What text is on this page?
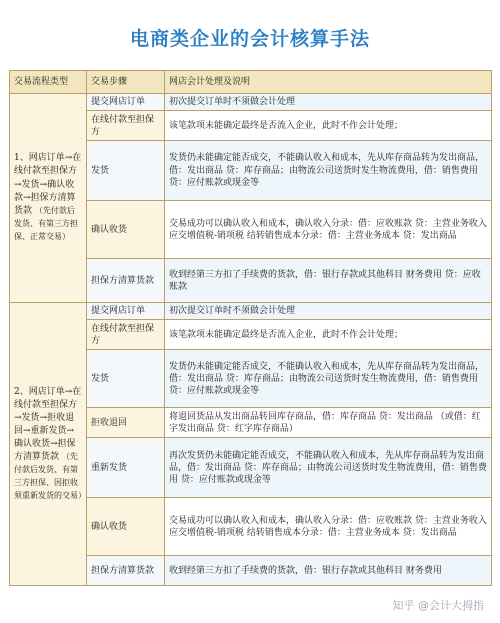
电商类企业的会计核算手法
交易流程类型	交易步骤	网店会计处理及说明
1、网店订单→在线付款至担保方→发货→确认收款→担保方清算货款 （先付款后发货、有第三方担保、正常交易）	提交网店订单	初次提交订单时不须做会计处理
	在线付款至担保方	该笔款项未能确定最终是否流入企业，此时不作会计处理；
	发货	发货仍未能确定能否成交，不能确认收入和成本，先从库存商品转为发出商品，借：发出商品 贷：库存商品；由物流公司送货时发生物流费用，借：销售费用 贷：应付账款或现金等
	确认收货	交易成功可以确认收入和成本，确认收入分录：借：应收账款 贷：主营业务收入 应交增值税-销项税 结转销售成本分录：借：主营业务成本 贷：发出商品
	担保方清算货款	收到经第三方扣了手续费的货款，借：银行存款或其他科目 财务费用 贷：应收账款
2、网店订单→在线付款至担保方→发货→拒收退回→重新发货→确认收货→担保方清算货款 （先付款后发货、有第三方担保、因拒收须重新发货的交易）	提交网店订单	初次提交订单时不须做会计处理
	在线付款至担保方	该笔款项未能确定最终是否流入企业，此时不作会计处理；
	发货	发货仍未能确定能否成交，不能确认收入和成本，先从库存商品转为发出商品，借：发出商品 贷：库存商品；由物流公司送货时发生物流费用，借：销售费用 贷：应付账款或现金等
	拒收退回	将退回货品从发出商品转回库存商品，借：库存商品 贷：发出商品 （或借：红字发出商品 贷：红字库存商品）
	重新发货	再次发货仍未能确定能否成交，不能确认收入和成本，先从库存商品转为发出商品，借：发出商品 贷：库存商品；由物流公司送货时发生物流费用，借：销售费用 贷：应付账款或现金等
	确认收货	交易成功可以确认收入和成本，确认收入分录：借：应收账款 贷：主营业务收入 应交增值税-销项税 结转销售成本分录：借：主营业务成本 贷：发出商品
	担保方清算货款	收到经第三方扣了手续费的货款，借：银行存款或其他科目 财务费用
知乎 @会计大拇指
